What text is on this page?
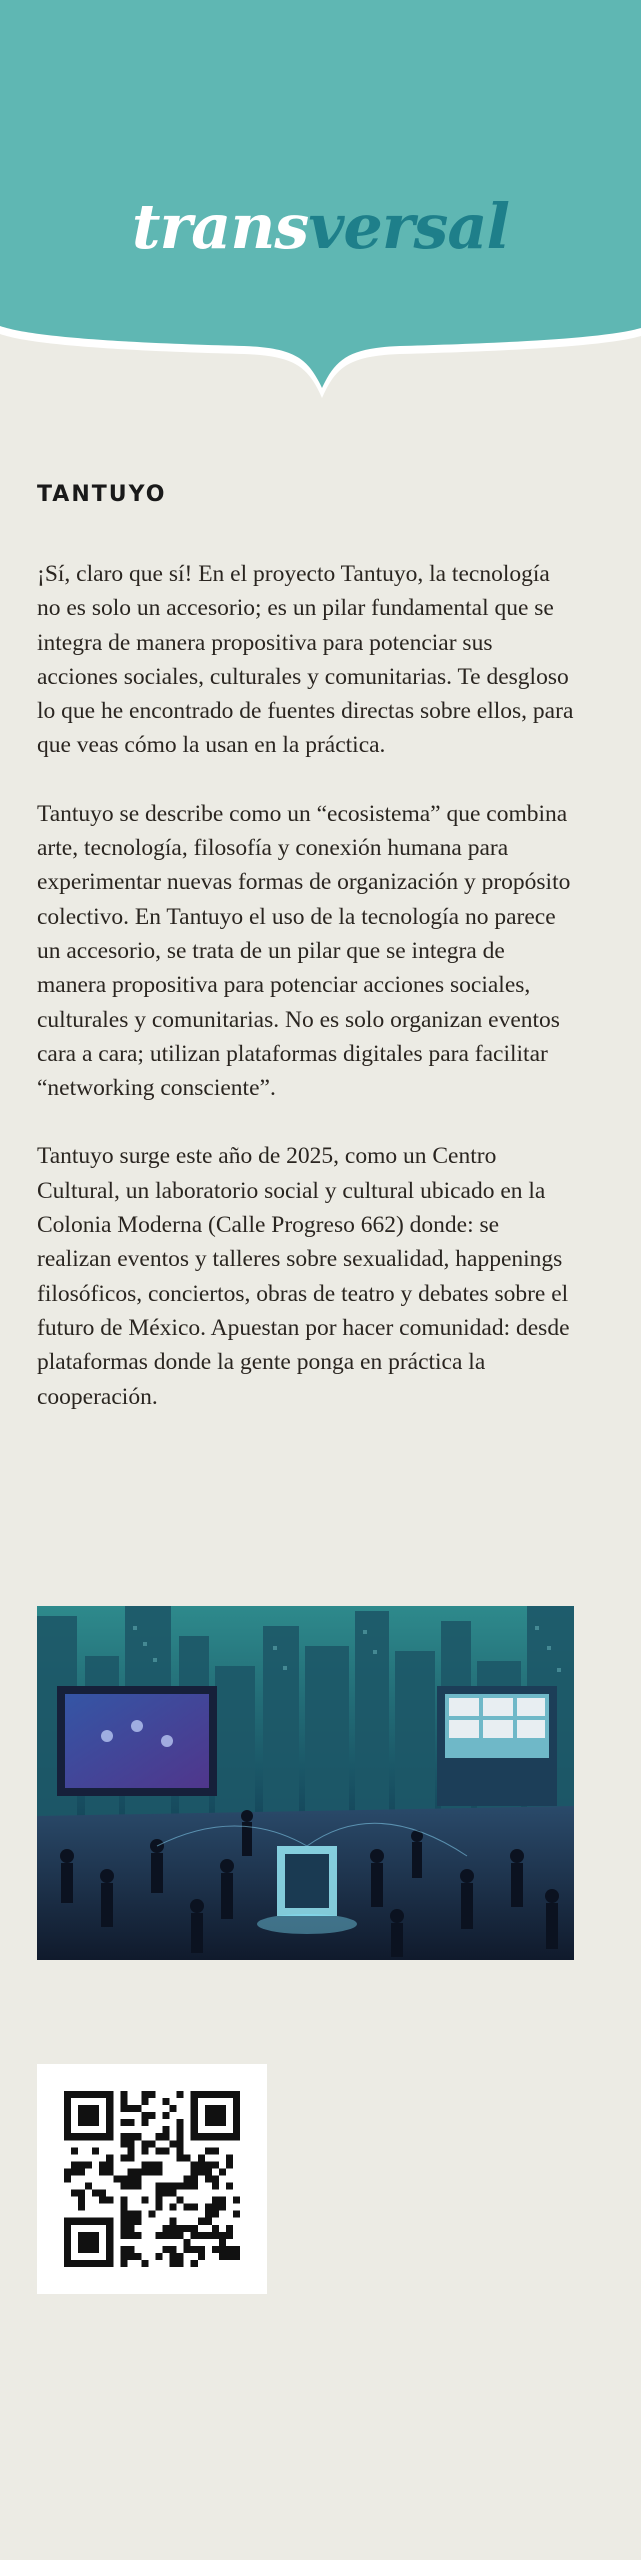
transversal
TANTUYO

¡Sí, claro que sí! En el proyecto Tantuyo, la tecnología no es solo un accesorio; es un pilar fundamental que se integra de manera propositiva para potenciar sus acciones sociales, culturales y comunitarias. Te desgloso lo que he encontrado de fuentes directas sobre ellos, para que veas cómo la usan en la práctica.

Tantuyo se describe como un “ecosistema” que combina arte, tecnología, filosofía y conexión humana para experimentar nuevas formas de organización y propósito colectivo. En Tantuyo el uso de la tecnología no parece un accesorio, se trata de un pilar que se integra de manera propositiva para potenciar acciones sociales, culturales y comunitarias. No es solo organizan eventos cara a cara; utilizan plataformas digitales para facilitar “networking consciente”.

Tantuyo surge este año de 2025, como un Centro Cultural, un laboratorio social y cultural ubicado en la Colonia Moderna (Calle Progreso 662) donde: se realizan eventos y talleres sobre sexualidad, happenings filosóficos, conciertos, obras de teatro y debates sobre el futuro de México. Apuestan por hacer comunidad: desde plataformas donde la gente ponga en práctica la cooperación.
